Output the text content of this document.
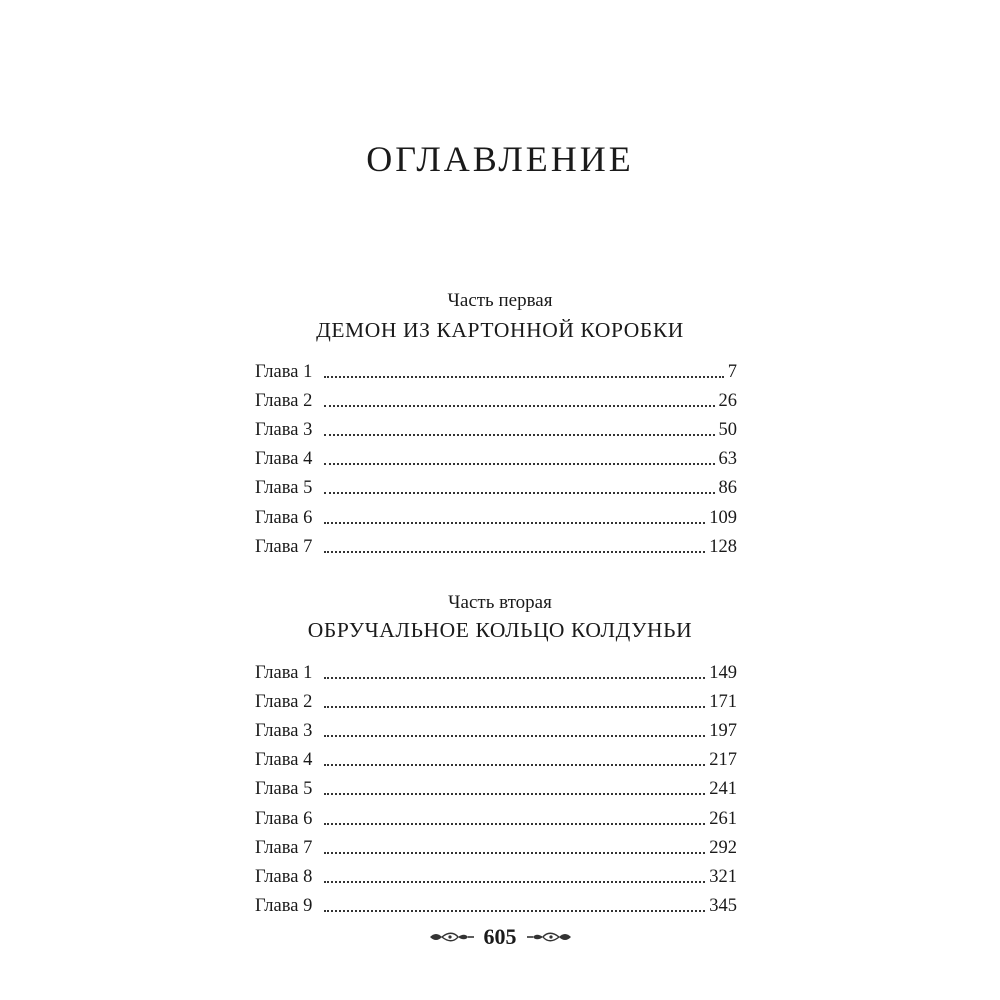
ОГЛАВЛЕНИЕ
Часть первая
ДЕМОН ИЗ КАРТОННОЙ КОРОБКИ
Глава 1	7
Глава 2	26
Глава 3	50
Глава 4	63
Глава 5	86
Глава 6	109
Глава 7	128
Часть вторая
ОБРУЧАЛЬНОЕ КОЛЬЦО КОЛДУНЬИ
Глава 1	149
Глава 2	171
Глава 3	197
Глава 4	217
Глава 5	241
Глава 6	261
Глава 7	292
Глава 8	321
Глава 9	345
605
